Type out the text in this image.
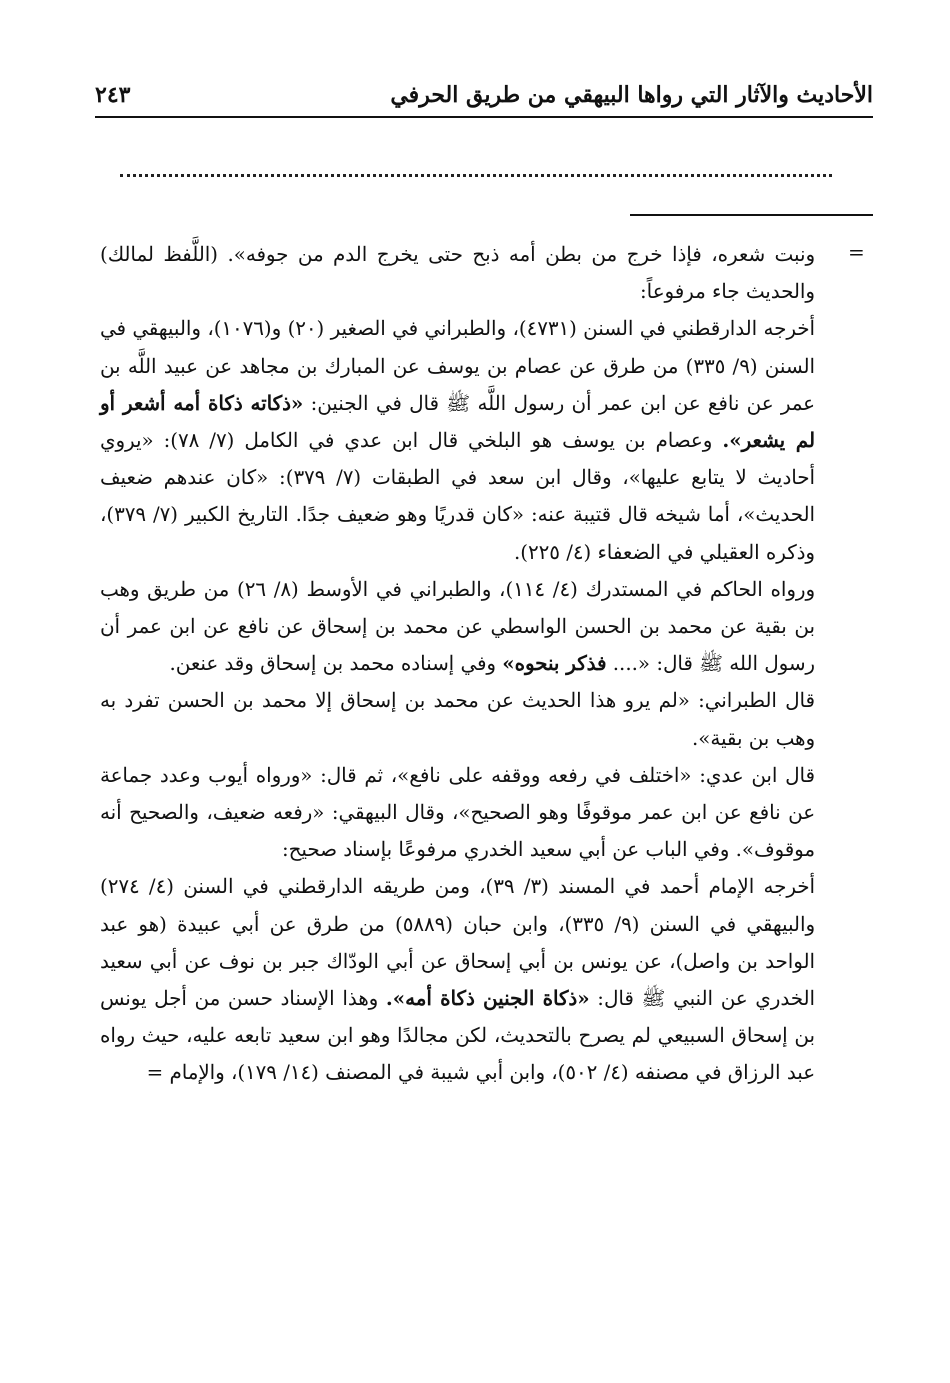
الأحاديث والآثار التي رواها البيهقي من طريق الحرفي
٢٤٣
=

ونبت شعره، فإذا خرج من بطن أمه ذبح حتى يخرج الدم من جوفه». (اللَّفظ لمالك) والحديث جاء مرفوعاً:

أخرجه الدارقطني في السنن (٤٧٣١)، والطبراني في الصغير (٢٠) و(١٠٧٦)، والبيهقي في السنن (٩/ ٣٣٥) من طرق عن عصام بن يوسف عن المبارك بن مجاهد عن عبيد اللَّه بن عمر عن نافع عن ابن عمر أن رسول اللَّه ﷺ قال في الجنين: «ذكاته ذكاة أمه أشعر أو لم يشعر». وعصام بن يوسف هو البلخي قال ابن عدي في الكامل (٧/ ٧٨): «يروي أحاديث لا يتابع عليها»، وقال ابن سعد في الطبقات (٧/ ٣٧٩): «كان عندهم ضعيف الحديث»، أما شيخه قال قتيبة عنه: «كان قدريًا وهو ضعيف جدًا. التاريخ الكبير (٧/ ٣٧٩)، وذكره العقيلي في الضعفاء (٤/ ٢٢٥).

ورواه الحاكم في المستدرك (٤/ ١١٤)، والطبراني في الأوسط (٨/ ٢٦) من طريق وهب بن بقية عن محمد بن الحسن الواسطي عن محمد بن إسحاق عن نافع عن ابن عمر أن رسول الله ﷺ قال: «.... فذكر بنحوه» وفي إسناده محمد بن إسحاق وقد عنعن.

قال الطبراني: «لم يرو هذا الحديث عن محمد بن إسحاق إلا محمد بن الحسن تفرد به وهب بن بقية».

قال ابن عدي: «اختلف في رفعه ووقفه على نافع»، ثم قال: «ورواه أيوب وعدد جماعة عن نافع عن ابن عمر موقوفًا وهو الصحيح»، وقال البيهقي: «رفعه ضعيف، والصحيح أنه موقوف». وفي الباب عن أبي سعيد الخدري مرفوعًا بإسناد صحيح:

أخرجه الإمام أحمد في المسند (٣/ ٣٩)، ومن طريقه الدارقطني في السنن (٤/ ٢٧٤) والبيهقي في السنن (٩/ ٣٣٥)، وابن حبان (٥٨٨٩) من طرق عن أبي عبيدة (هو عبد الواحد بن واصل)، عن يونس بن أبي إسحاق عن أبي الودّاك جبر بن نوف عن أبي سعيد الخدري عن النبي ﷺ قال: «ذكاة الجنين ذكاة أمه». وهذا الإسناد حسن من أجل يونس بن إسحاق السبيعي لم يصرح بالتحديث، لكن مجالدًا وهو ابن سعيد تابعه عليه، حيث رواه عبد الرزاق في مصنفه (٤/ ٥٠٢)، وابن أبي شيبة في المصنف (١٤/ ١٧٩)، والإمام =
